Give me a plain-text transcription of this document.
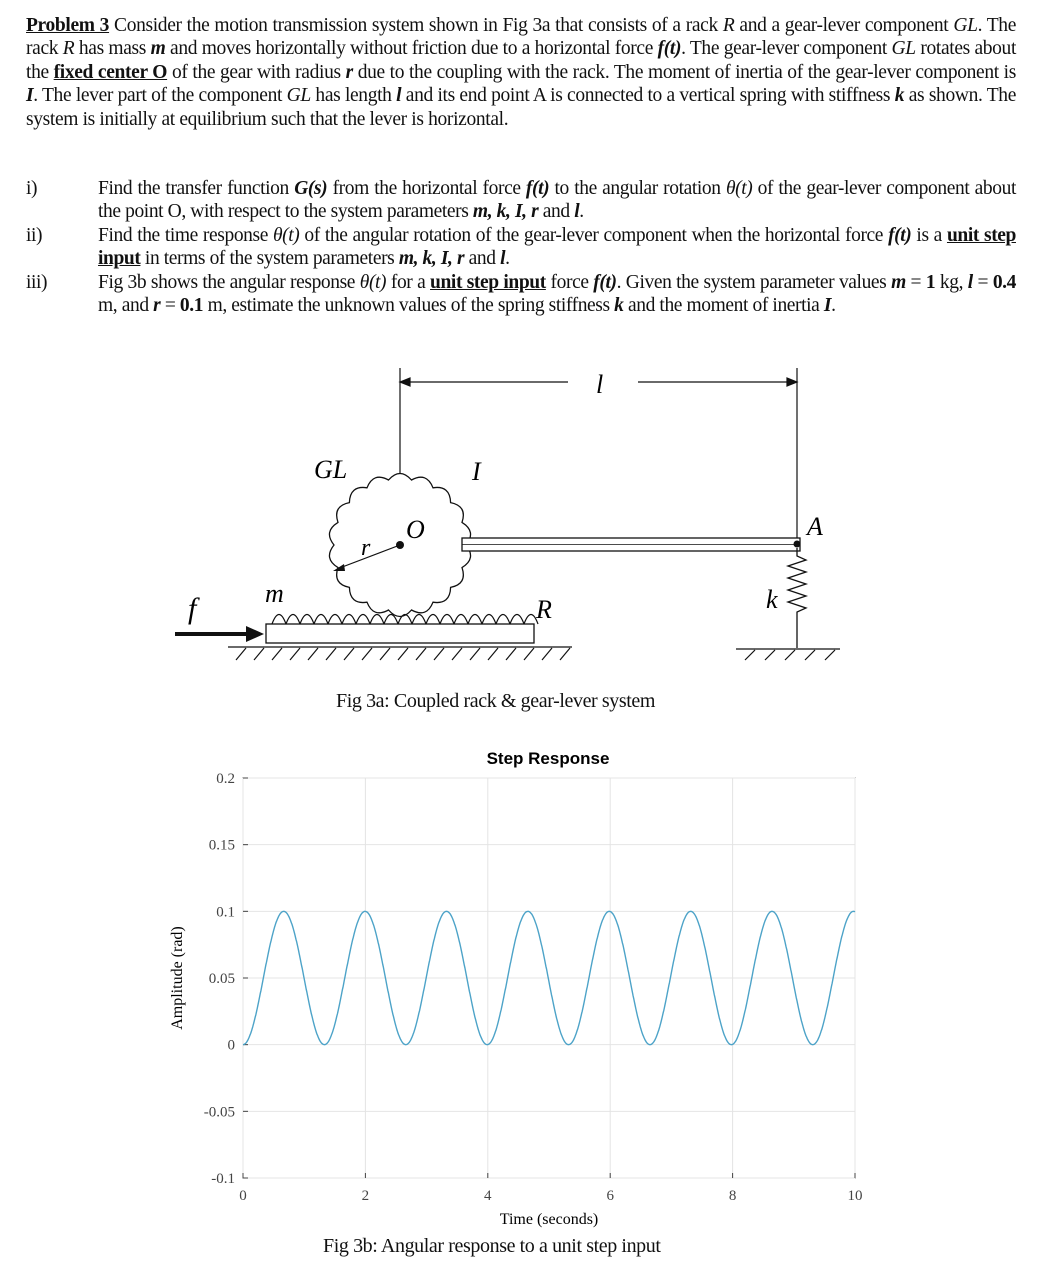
Problem 3 Consider the motion transmission system shown in Fig 3a that consists of a rack R and a gear-lever component GL. The rack R has mass m and moves horizontally without friction due to a horizontal force f(t). The gear-lever component GL rotates about the fixed center O of the gear with radius r due to the coupling with the rack. The moment of inertia of the gear-lever component is I. The lever part of the component GL has length l and its end point A is connected to a vertical spring with stiffness k as shown. The system is initially at equilibrium such that the lever is horizontal.
i)	Find the transfer function G(s) from the horizontal force f(t) to the angular rotation θ(t) of the gear-lever component about the point O, with respect to the system parameters m, k, I, r and l.
ii)	Find the time response θ(t) of the angular rotation of the gear-lever component when the horizontal force f(t) is a unit step input in terms of the system parameters m, k, I, r and l.
iii)	Fig 3b shows the angular response θ(t) for a unit step input force f(t). Given the system parameter values m = 1 kg, l = 0.4 m, and r = 0.1 m, estimate the unknown values of the spring stiffness k and the moment of inertia I.
l
r
O
GL	I
A
k
R
m
f
Fig 3a: Coupled rack & gear-lever system
Step Response
0	2	4	6	8	10
0.2
0.15
0.1
0.05
0
-0.05
-0.1
Time (seconds)
Amplitude (rad)
Fig 3b: Angular response to a unit step input
